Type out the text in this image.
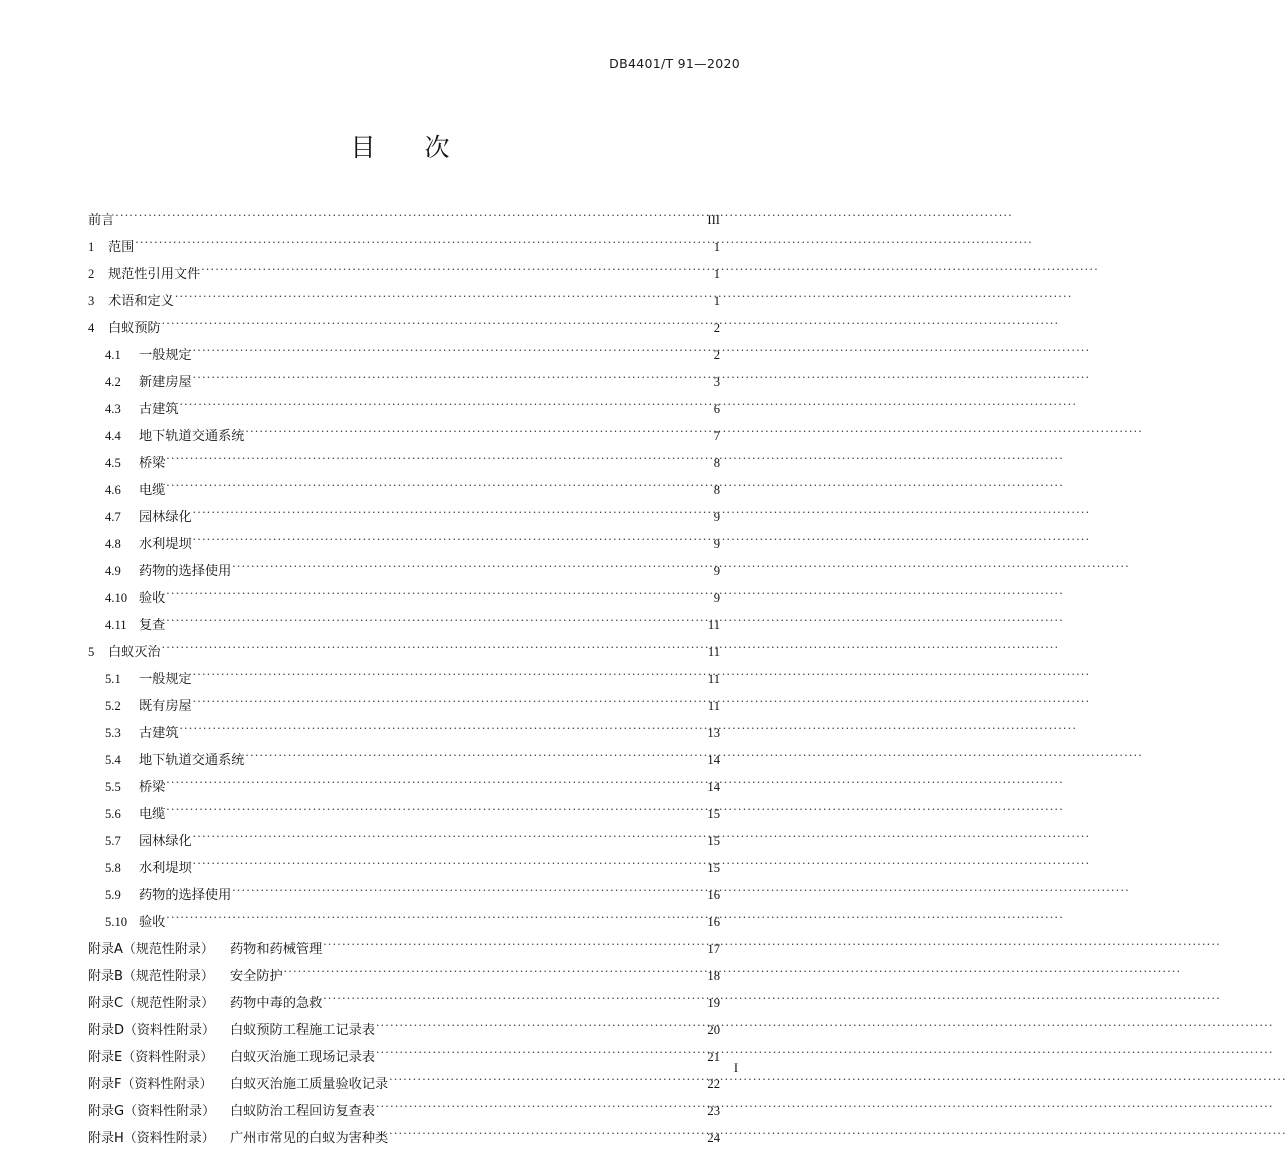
DB4401/T 91—2020
目　次
前言 .....	III
1	范围 .....	1
2	规范性引用文件 .....	1
3	术语和定义 .....	1
4	白蚁预防 .....	2
4.1	一般规定 .....	2
4.2	新建房屋 .....	3
4.3	古建筑 .....	6
4.4	地下轨道交通系统 .....	7
4.5	桥梁 .....	8
4.6	电缆 .....	8
4.7	园林绿化 .....	9
4.8	水利堤坝 .....	9
4.9	药物的选择使用 .....	9
4.10 验收 .....	9
4.11 复查 .....	11
5	白蚁灭治 .....	11
5.1	一般规定 .....	11
5.2	既有房屋 .....	11
5.3	古建筑 .....	13
5.4	地下轨道交通系统 .....	14
5.5	桥梁 .....	14
5.6	电缆 .....	15
5.7	园林绿化 .....	15
5.8	水利堤坝 .....	15
5.9	药物的选择使用 .....	16
5.10 验收 .....	16
附录A（规范性附录）	药物和药械管理 .....	17
附录B（规范性附录）	安全防护 .....	18
附录C（规范性附录）	药物中毒的急救 .....	19
附录D（资料性附录）	白蚁预防工程施工记录表 .....	20
附录E（资料性附录）	白蚁灭治施工现场记录表 .....	21
附录F（资料性附录）	白蚁灭治施工质量验收记录 .....	22
附录G（资料性附录）	白蚁防治工程回访复查表 .....	23
附录H（资料性附录）	广州市常见的白蚁为害种类 .....	24
I
